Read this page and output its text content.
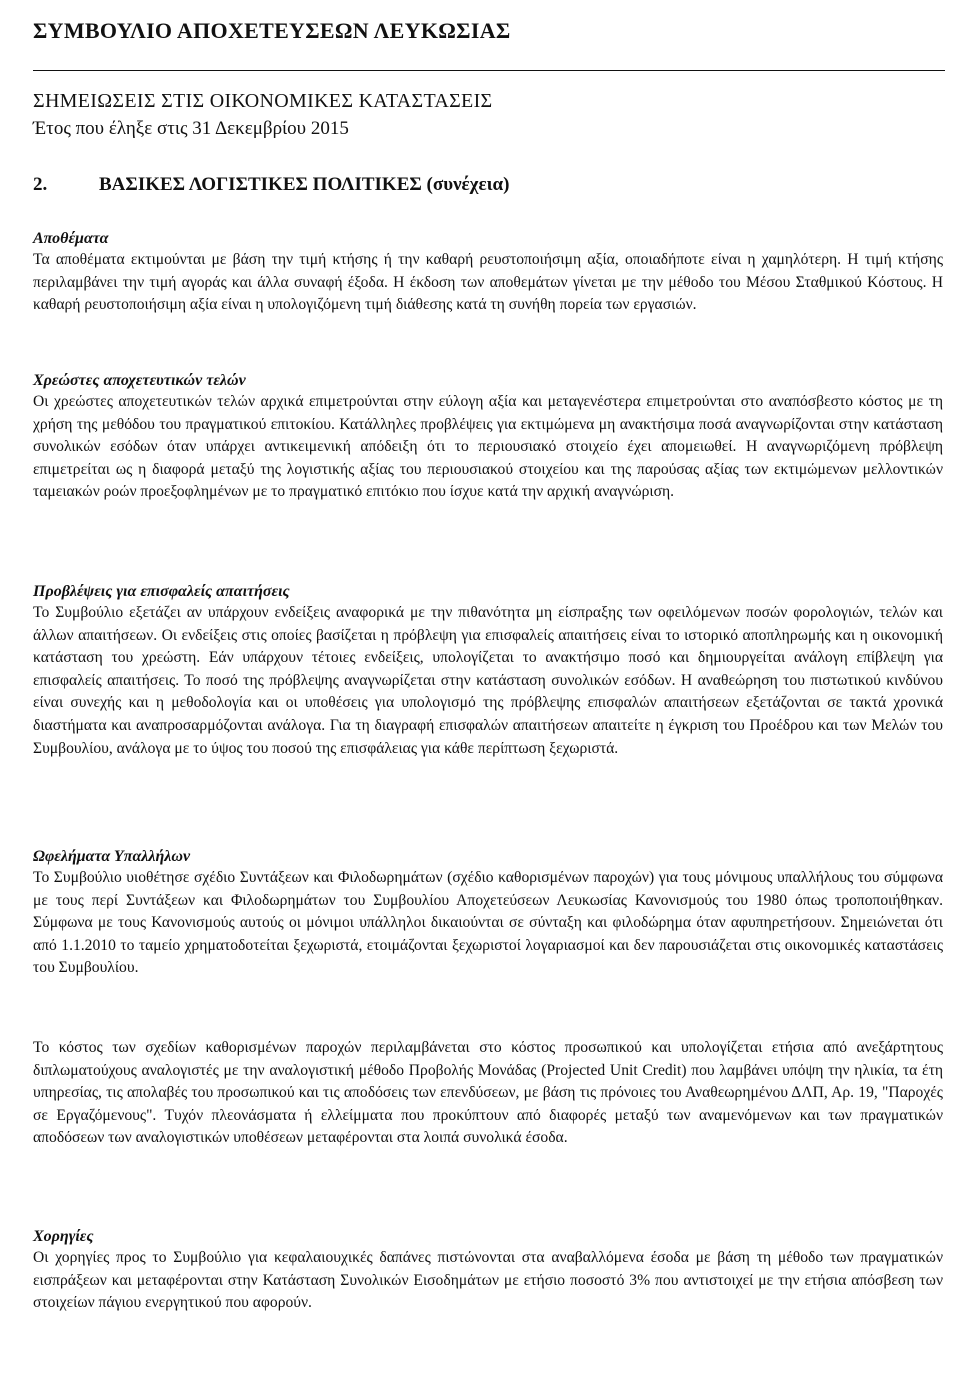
ΣΥΜΒΟΥΛΙΟ ΑΠΟΧΕΤΕΥΣΕΩΝ ΛΕΥΚΩΣΙΑΣ
ΣΗΜΕΙΩΣΕΙΣ ΣΤΙΣ ΟΙΚΟΝΟΜΙΚΕΣ ΚΑΤΑΣΤΑΣΕΙΣ
Έτος που έληξε στις 31 Δεκεμβρίου 2015
2.	ΒΑΣΙΚΕΣ ΛΟΓΙΣΤΙΚΕΣ ΠΟΛΙΤΙΚΕΣ (συνέχεια)
Αποθέματα

Τα αποθέματα εκτιμούνται με βάση την τιμή κτήσης ή την καθαρή ρευστοποιήσιμη αξία, οποιαδήποτε είναι η χαμηλότερη. Η τιμή κτήσης περιλαμβάνει την τιμή αγοράς και άλλα συναφή έξοδα. Η έκδοση των αποθεμάτων γίνεται με την μέθοδο του Μέσου Σταθμικού Κόστους. Η καθαρή ρευστοποιήσιμη αξία είναι η υπολογιζόμενη τιμή διάθεσης κατά τη συνήθη πορεία των εργασιών.

Χρεώστες αποχετευτικών τελών

Οι χρεώστες αποχετευτικών τελών αρχικά επιμετρούνται στην εύλογη αξία και μεταγενέστερα επιμετρούνται στο αναπόσβεστο κόστος με τη χρήση της μεθόδου του πραγματικού επιτοκίου. Κατάλληλες προβλέψεις για εκτιμώμενα μη ανακτήσιμα ποσά αναγνωρίζονται στην κατάσταση συνολικών εσόδων όταν υπάρχει αντικειμενική απόδειξη ότι το περιουσιακό στοιχείο έχει απομειωθεί. Η αναγνωριζόμενη πρόβλεψη επιμετρείται ως η διαφορά μεταξύ της λογιστικής αξίας του περιουσιακού στοιχείου και της παρούσας αξίας των εκτιμώμενων μελλοντικών ταμειακών ροών προεξοφλημένων με το πραγματικό επιτόκιο που ίσχυε κατά την αρχική αναγνώριση.

Προβλέψεις για επισφαλείς απαιτήσεις

Το Συμβούλιο εξετάζει αν υπάρχουν ενδείξεις αναφορικά με την πιθανότητα μη είσπραξης των οφειλόμενων ποσών φορολογιών, τελών και άλλων απαιτήσεων. Οι ενδείξεις στις οποίες βασίζεται η πρόβλεψη για επισφαλείς απαιτήσεις είναι το ιστορικό αποπληρωμής και η οικονομική κατάσταση του χρεώστη. Εάν υπάρχουν τέτοιες ενδείξεις, υπολογίζεται το ανακτήσιμο ποσό και δημιουργείται ανάλογη επίβλεψη για επισφαλείς απαιτήσεις. Το ποσό της πρόβλεψης αναγνωρίζεται στην κατάσταση συνολικών εσόδων. Η αναθεώρηση του πιστωτικού κινδύνου είναι συνεχής και η μεθοδολογία και οι υποθέσεις για υπολογισμό της πρόβλεψης επισφαλών απαιτήσεων εξετάζονται σε τακτά χρονικά διαστήματα και αναπροσαρμόζονται ανάλογα. Για τη διαγραφή επισφαλών απαιτήσεων απαιτείτε η έγκριση του Προέδρου και των Μελών του Συμβουλίου, ανάλογα με το ύψος του ποσού της επισφάλειας για κάθε περίπτωση ξεχωριστά.

Ωφελήματα Υπαλλήλων

Το Συμβούλιο υιοθέτησε σχέδιο Συντάξεων και Φιλοδωρημάτων (σχέδιο καθορισμένων παροχών) για τους μόνιμους υπαλλήλους του σύμφωνα με τους περί Συντάξεων και Φιλοδωρημάτων του Συμβουλίου Αποχετεύσεων Λευκωσίας Κανονισμούς του 1980 όπως τροποποιήθηκαν. Σύμφωνα με τους Κανονισμούς αυτούς οι μόνιμοι υπάλληλοι δικαιούνται σε σύνταξη και φιλοδώρημα όταν αφυπηρετήσουν. Σημειώνεται ότι από 1.1.2010 το ταμείο χρηματοδοτείται ξεχωριστά, ετοιμάζονται ξεχωριστοί λογαριασμοί και δεν παρουσιάζεται στις οικονομικές καταστάσεις του Συμβουλίου.

Το κόστος των σχεδίων καθορισμένων παροχών περιλαμβάνεται στο κόστος προσωπικού και υπολογίζεται ετήσια από ανεξάρτητους διπλωματούχους αναλογιστές με την αναλογιστική μέθοδο Προβολής Μονάδας (Projected Unit Credit) που λαμβάνει υπόψη την ηλικία, τα έτη υπηρεσίας, τις απολαβές του προσωπικού και τις αποδόσεις των επενδύσεων, με βάση τις πρόνοιες του Αναθεωρημένου ΔΛΠ, Αρ. 19, "Παροχές σε Εργαζόμενους". Τυχόν πλεονάσματα ή ελλείμματα που προκύπτουν από διαφορές μεταξύ των αναμενόμενων και των πραγματικών αποδόσεων των αναλογιστικών υποθέσεων μεταφέρονται στα λοιπά συνολικά έσοδα.

Χορηγίες

Οι χορηγίες προς το Συμβούλιο για κεφαλαιουχικές δαπάνες πιστώνονται στα αναβαλλόμενα έσοδα με βάση τη μέθοδο των πραγματικών εισπράξεων και μεταφέρονται στην Κατάσταση Συνολικών Εισοδημάτων με ετήσιο ποσοστό 3% που αντιστοιχεί με την ετήσια απόσβεση των στοιχείων πάγιου ενεργητικού που αφορούν.
